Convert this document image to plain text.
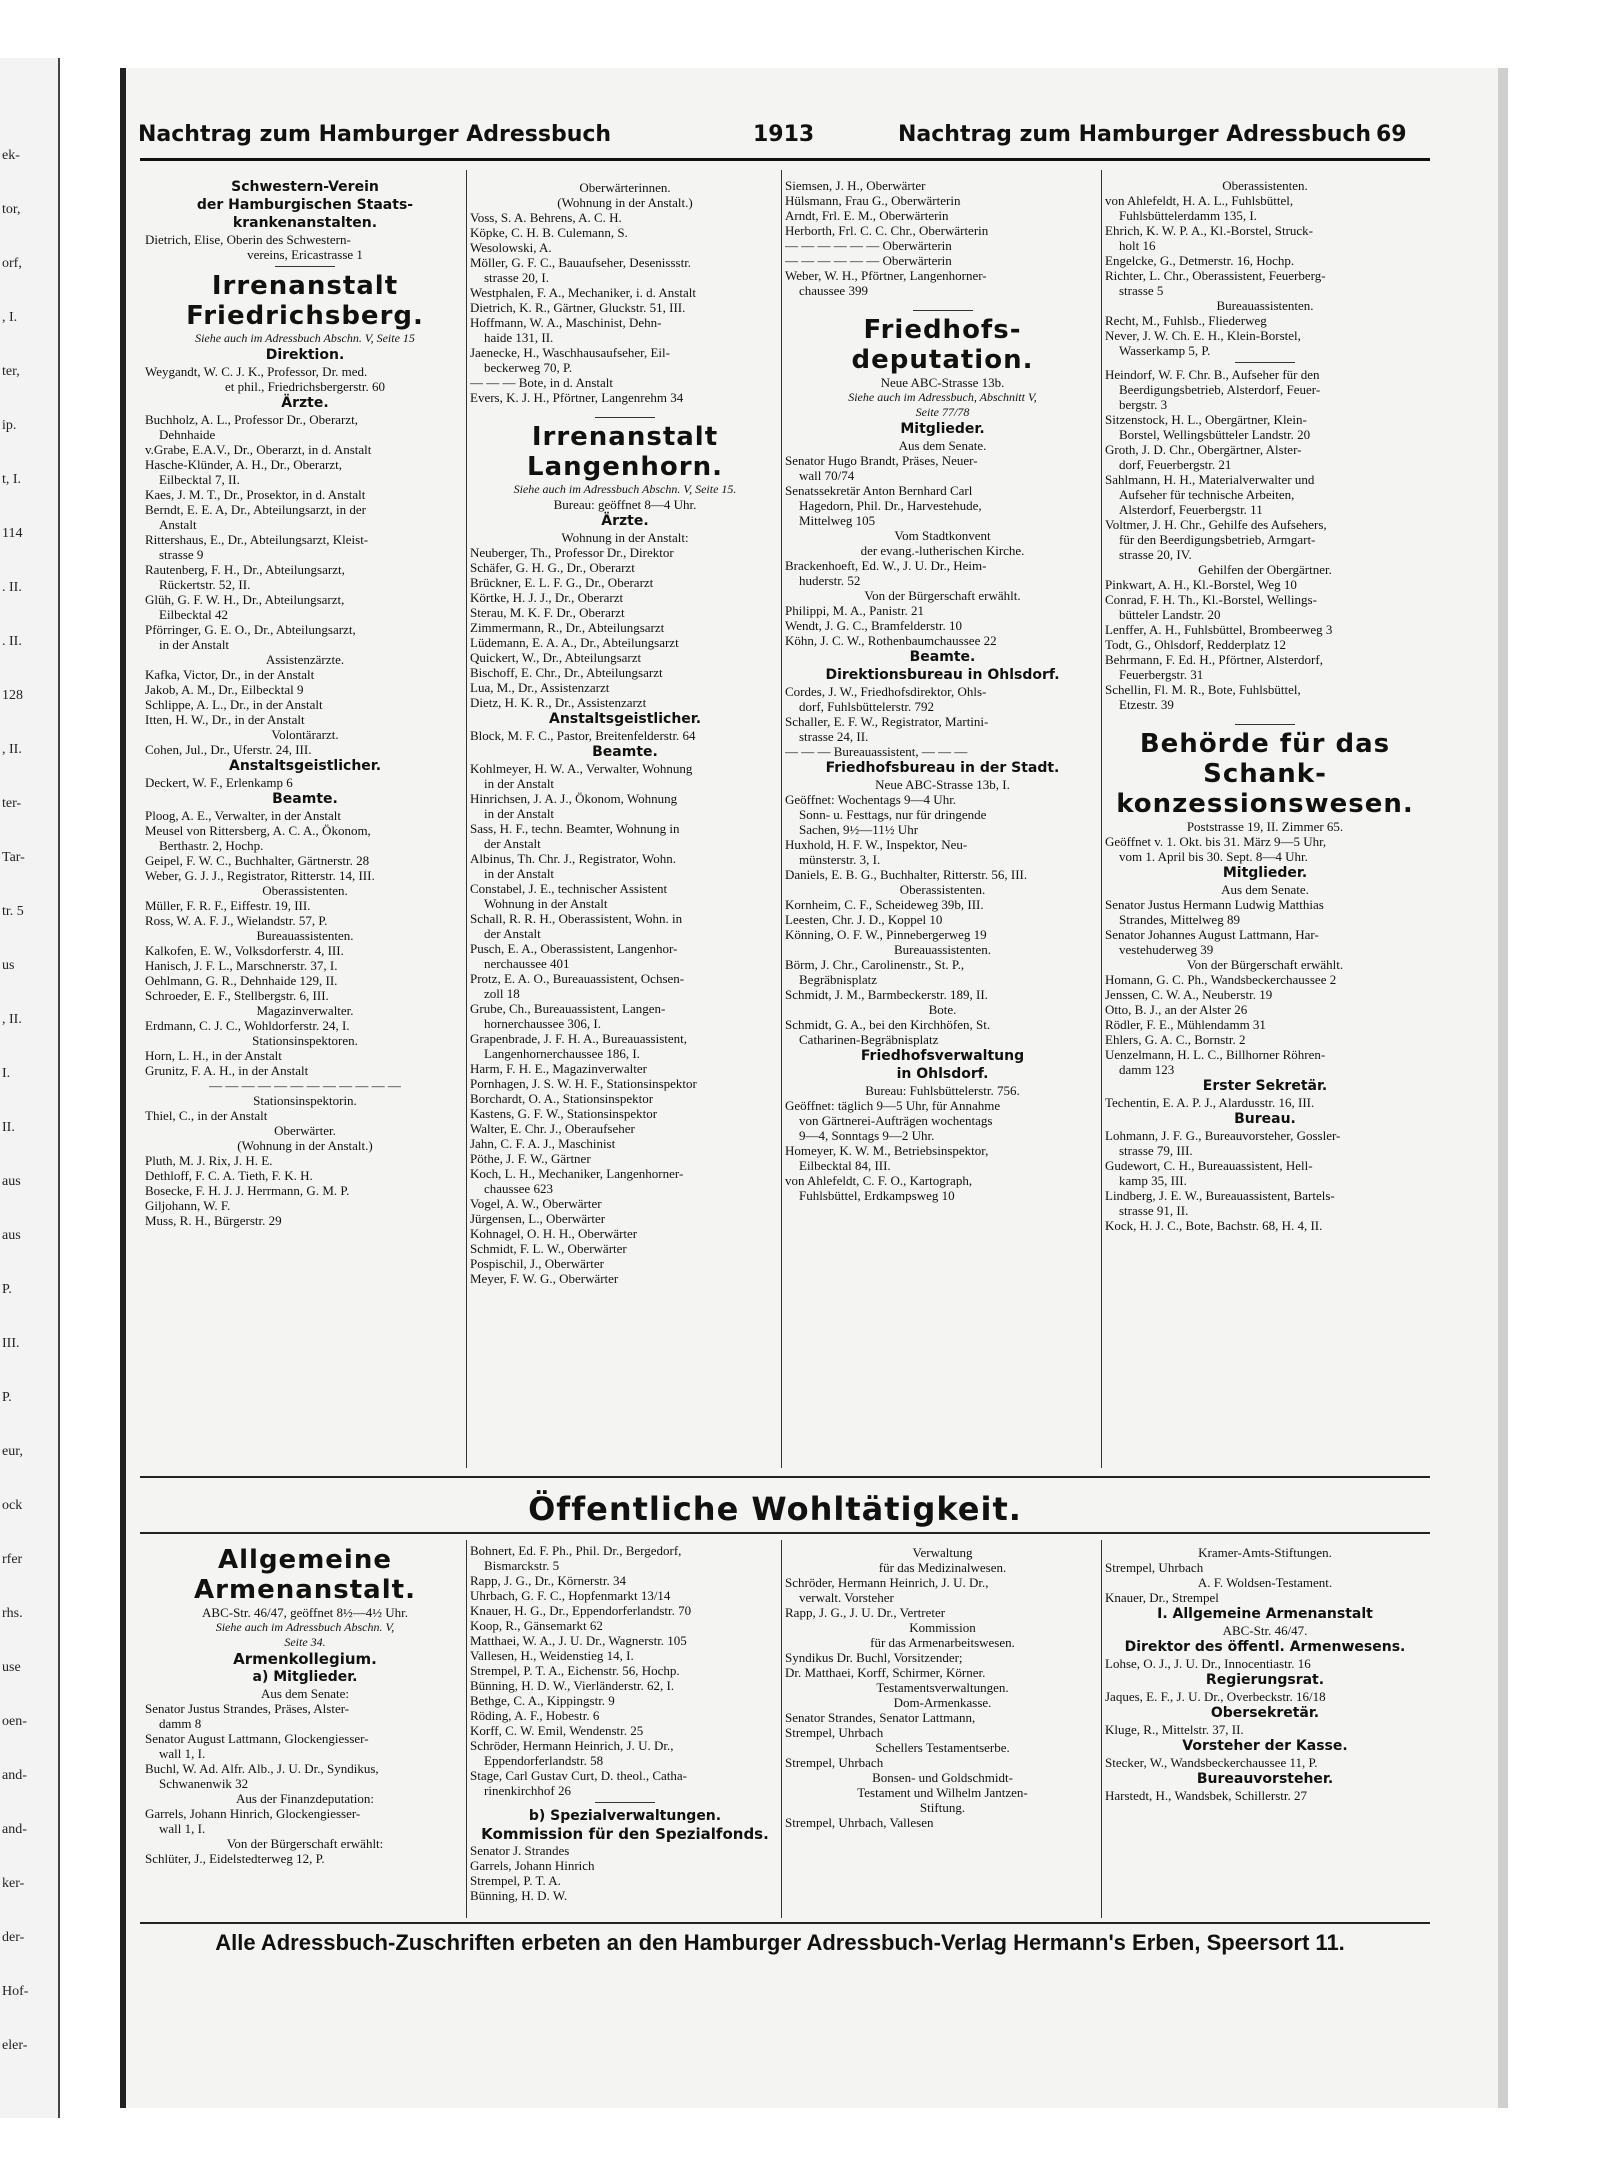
ek-
tor,
orf,
, I.
ter,
ip.
t, I.
114
. II.
. II.
128
, II.
ter-
Tar-
tr. 5
us
, II.
I.
II.
aus
aus
P.
III.
P.
eur,
ock
rfer
rhs.
use
oen-
and-
and-
ker-
der-
Hof-
eler-
Nachtrag zum Hamburger Adressbuch	1913	Nachtrag zum Hamburger Adressbuch 69
Schwestern-Verein
der Hamburgischen Staats-
krankenanstalten.
Dietrich, Elise, Oberin des Schwestern-
vereins, Ericastrasse 1
Irrenanstalt
Friedrichsberg.
Siehe auch im Adressbuch Abschn. V, Seite 15
Direktion.
Weygandt, W. C. J. K., Professor, Dr. med.
et phil., Friedrichsbergerstr. 60
Ärzte.
Buchholz, A. L., Professor Dr., Oberarzt,
Dehnhaide
v.Grabe, E.A.V., Dr., Oberarzt, in d. Anstalt
Hasche-Klünder, A. H., Dr., Oberarzt,
Eilbecktal 7, II.
Kaes, J. M. T., Dr., Prosektor, in d. Anstalt
Berndt, E. E. A, Dr., Abteilungsarzt, in der
Anstalt
Rittershaus, E., Dr., Abteilungsarzt, Kleist-
strasse 9
Rautenberg, F. H., Dr., Abteilungsarzt,
Rückertstr. 52, II.
Glüh, G. F. W. H., Dr., Abteilungsarzt,
Eilbecktal 42
Pförringer, G. E. O., Dr., Abteilungsarzt,
in der Anstalt
Assistenzärzte.
Kafka, Victor, Dr., in der Anstalt
Jakob, A. M., Dr., Eilbecktal 9
Schlippe, A. L., Dr., in der Anstalt
Itten, H. W., Dr., in der Anstalt
Volontärarzt.
Cohen, Jul., Dr., Uferstr. 24, III.
Anstaltsgeistlicher.
Deckert, W. F., Erlenkamp 6
Beamte.
Ploog, A. E., Verwalter, in der Anstalt
Meusel von Rittersberg, A. C. A., Ökonom,
Berthastr. 2, Hochp.
Geipel, F. W. C., Buchhalter, Gärtnerstr. 28
Weber, G. J. J., Registrator, Ritterstr. 14, III.
Oberassistenten.
Müller, F. R. F., Eiffestr. 19, III.
Ross, W. A. F. J., Wielandstr. 57, P.
Bureauassistenten.
Kalkofen, E. W., Volksdorferstr. 4, III.
Hanisch, J. F. L., Marschnerstr. 37, I.
Oehlmann, G. R., Dehnhaide 129, II.
Schroeder, E. F., Stellbergstr. 6, III.
Magazinverwalter.
Erdmann, C. J. C., Wohldorferstr. 24, I.
Stationsinspektoren.
Horn, L. H., in der Anstalt
Grunitz, F. A. H., in der Anstalt
— — — — — — — — — — — —
Stationsinspektorin.
Thiel, C., in der Anstalt
Oberwärter.
(Wohnung in der Anstalt.)
Pluth, M. J. Rix, J. H. E.
Dethloff, F. C. A. Tieth, F. K. H.
Bosecke, F. H. J. J. Herrmann, G. M. P.
Giljohann, W. F.
Muss, R. H., Bürgerstr. 29
Oberwärterinnen.
(Wohnung in der Anstalt.)
Voss, S. A. Behrens, A. C. H.
Köpke, C. H. B. Culemann, S.
Wesolowski, A.
Möller, G. F. C., Bauaufseher, Desenissstr.
strasse 20, I.
Westphalen, F. A., Mechaniker, i. d. Anstalt
Dietrich, K. R., Gärtner, Gluckstr. 51, III.
Hoffmann, W. A., Maschinist, Dehn-
haide 131, II.
Jaenecke, H., Waschhausaufseher, Eil-
beckerweg 70, P.
— — — Bote, in d. Anstalt
Evers, K. J. H., Pförtner, Langenrehm 34
Irrenanstalt
Langenhorn.
Siehe auch im Adressbuch Abschn. V, Seite 15.
Bureau: geöffnet 8—4 Uhr.
Ärzte.
Wohnung in der Anstalt:
Neuberger, Th., Professor Dr., Direktor
Schäfer, G. H. G., Dr., Oberarzt
Brückner, E. L. F. G., Dr., Oberarzt
Körtke, H. J. J., Dr., Oberarzt
Sterau, M. K. F. Dr., Oberarzt
Zimmermann, R., Dr., Abteilungsarzt
Lüdemann, E. A. A., Dr., Abteilungsarzt
Quickert, W., Dr., Abteilungsarzt
Bischoff, E. Chr., Dr., Abteilungsarzt
Lua, M., Dr., Assistenzarzt
Dietz, H. K. R., Dr., Assistenzarzt
Anstaltsgeistlicher.
Block, M. F. C., Pastor, Breitenfelderstr. 64
Beamte.
Kohlmeyer, H. W. A., Verwalter, Wohnung
in der Anstalt
Hinrichsen, J. A. J., Ökonom, Wohnung
in der Anstalt
Sass, H. F., techn. Beamter, Wohnung in
der Anstalt
Albinus, Th. Chr. J., Registrator, Wohn.
in der Anstalt
Constabel, J. E., technischer Assistent
Wohnung in der Anstalt
Schall, R. R. H., Oberassistent, Wohn. in
der Anstalt
Pusch, E. A., Oberassistent, Langenhor-
nerchaussee 401
Protz, E. A. O., Bureauassistent, Ochsen-
zoll 18
Grube, Ch., Bureauassistent, Langen-
hornerchaussee 306, I.
Grapenbrade, J. F. H. A., Bureauassistent,
Langenhornerchaussee 186, I.
Harm, F. H. E., Magazinverwalter
Pornhagen, J. S. W. H. F., Stationsinspektor
Borchardt, O. A., Stationsinspektor
Kastens, G. F. W., Stationsinspektor
Walter, E. Chr. J., Oberaufseher
Jahn, C. F. A. J., Maschinist
Pöthe, J. F. W., Gärtner
Koch, L. H., Mechaniker, Langenhorner-
chaussee 623
Vogel, A. W., Oberwärter
Jürgensen, L., Oberwärter
Kohnagel, O. H. H., Oberwärter
Schmidt, F. L. W., Oberwärter
Pospischil, J., Oberwärter
Meyer, F. W. G., Oberwärter
Siemsen, J. H., Oberwärter
Hülsmann, Frau G., Oberwärterin
Arndt, Frl. E. M., Oberwärterin
Herborth, Frl. C. C. Chr., Oberwärterin
— — — — — — Oberwärterin
— — — — — — Oberwärterin
Weber, W. H., Pförtner, Langenhorner-
chaussee 399
Friedhofs-
deputation.
Neue ABC-Strasse 13b.
Siehe auch im Adressbuch, Abschnitt V,
Seite 77/78
Mitglieder.
Aus dem Senate.
Senator Hugo Brandt, Präses, Neuer-
wall 70/74
Senatssekretär Anton Bernhard Carl
Hagedorn, Phil. Dr., Harvestehude,
Mittelweg 105
Vom Stadtkonvent
der evang.-lutherischen Kirche.
Brackenhoeft, Ed. W., J. U. Dr., Heim-
huderstr. 52
Von der Bürgerschaft erwählt.
Philippi, M. A., Panistr. 21
Wendt, J. G. C., Bramfelderstr. 10
Köhn, J. C. W., Rothenbaumchaussee 22
Beamte.
Direktionsbureau in Ohlsdorf.
Cordes, J. W., Friedhofsdirektor, Ohls-
dorf, Fuhlsbüttelerstr. 792
Schaller, E. F. W., Registrator, Martini-
strasse 24, II.
— — — Bureauassistent, — — —
Friedhofsbureau in der Stadt.
Neue ABC-Strasse 13b, I.
Geöffnet: Wochentags 9—4 Uhr.
Sonn- u. Festtags, nur für dringende
Sachen, 9½—11½ Uhr
Huxhold, H. F. W., Inspektor, Neu-
münsterstr. 3, I.
Daniels, E. B. G., Buchhalter, Ritterstr. 56, III.
Oberassistenten.
Kornheim, C. F., Scheideweg 39b, III.
Leesten, Chr. J. D., Koppel 10
Könning, O. F. W., Pinnebergerweg 19
Bureauassistenten.
Börm, J. Chr., Carolinenstr., St. P.,
Begräbnisplatz
Schmidt, J. M., Barmbeckerstr. 189, II.
Bote.
Schmidt, G. A., bei den Kirchhöfen, St.
Catharinen-Begräbnisplatz
Friedhofsverwaltung
in Ohlsdorf.
Bureau: Fuhlsbüttelerstr. 756.
Geöffnet: täglich 9—5 Uhr, für Annahme
von Gärtnerei-Aufträgen wochentags
9—4, Sonntags 9—2 Uhr.
Homeyer, K. W. M., Betriebsinspektor,
Eilbecktal 84, III.
von Ahlefeldt, C. F. O., Kartograph,
Fuhlsbüttel, Erdkampsweg 10
Oberassistenten.
von Ahlefeldt, H. A. L., Fuhlsbüttel,
Fuhlsbüttelerdamm 135, I.
Ehrich, K. W. P. A., Kl.-Borstel, Struck-
holt 16
Engelcke, G., Detmerstr. 16, Hochp.
Richter, L. Chr., Oberassistent, Feuerberg-
strasse 5
Bureauassistenten.
Recht, M., Fuhlsb., Fliederweg
Never, J. W. Ch. E. H., Klein-Borstel,
Wasserkamp 5, P.
Heindorf, W. F. Chr. B., Aufseher für den
Beerdigungsbetrieb, Alsterdorf, Feuer-
bergstr. 3
Sitzenstock, H. L., Obergärtner, Klein-
Borstel, Wellingsbütteler Landstr. 20
Groth, J. D. Chr., Obergärtner, Alster-
dorf, Feuerbergstr. 21
Sahlmann, H. H., Materialverwalter und
Aufseher für technische Arbeiten,
Alsterdorf, Feuerbergstr. 11
Voltmer, J. H. Chr., Gehilfe des Aufsehers,
für den Beerdigungsbetrieb, Armgart-
strasse 20, IV.
Gehilfen der Obergärtner.
Pinkwart, A. H., Kl.-Borstel, Weg 10
Conrad, F. H. Th., Kl.-Borstel, Wellings-
bütteler Landstr. 20
Lenffer, A. H., Fuhlsbüttel, Brombeerweg 3
Todt, G., Ohlsdorf, Redderplatz 12
Behrmann, F. Ed. H., Pförtner, Alsterdorf,
Feuerbergstr. 31
Schellin, Fl. M. R., Bote, Fuhlsbüttel,
Etzestr. 39
Behörde für das
Schank-
konzessionswesen.
Poststrasse 19, II. Zimmer 65.
Geöffnet v. 1. Okt. bis 31. März 9—5 Uhr,
vom 1. April bis 30. Sept. 8—4 Uhr.
Mitglieder.
Aus dem Senate.
Senator Justus Hermann Ludwig Matthias
Strandes, Mittelweg 89
Senator Johannes August Lattmann, Har-
vestehuderweg 39
Von der Bürgerschaft erwählt.
Homann, G. C. Ph., Wandsbeckerchaussee 2
Jenssen, C. W. A., Neuberstr. 19
Otto, B. J., an der Alster 26
Rödler, F. E., Mühlendamm 31
Ehlers, G. A. C., Bornstr. 2
Uenzelmann, H. L. C., Billhorner Röhren-
damm 123
Erster Sekretär.
Techentin, E. A. P. J., Alardusstr. 16, III.
Bureau.
Lohmann, J. F. G., Bureauvorsteher, Gossler-
strasse 79, III.
Gudewort, C. H., Bureauassistent, Hell-
kamp 35, III.
Lindberg, J. E. W., Bureauassistent, Bartels-
strasse 91, II.
Kock, H. J. C., Bote, Bachstr. 68, H. 4, II.
Öffentliche Wohltätigkeit.
Allgemeine
Armenanstalt.
ABC-Str. 46/47, geöffnet 8½—4½ Uhr.
Siehe auch im Adressbuch Abschn. V,
Seite 34.
Armenkollegium.
a) Mitglieder.
Aus dem Senate:
Senator Justus Strandes, Präses, Alster-
damm 8
Senator August Lattmann, Glockengiesser-
wall 1, I.
Buchl, W. Ad. Alfr. Alb., J. U. Dr., Syndikus,
Schwanenwik 32
Aus der Finanzdeputation:
Garrels, Johann Hinrich, Glockengiesser-
wall 1, I.
Von der Bürgerschaft erwählt:
Schlüter, J., Eidelstedterweg 12, P.
Bohnert, Ed. F. Ph., Phil. Dr., Bergedorf,
Bismarckstr. 5
Rapp, J. G., Dr., Körnerstr. 34
Uhrbach, G. F. C., Hopfenmarkt 13/14
Knauer, H. G., Dr., Eppendorferlandstr. 70
Koop, R., Gänsemarkt 62
Matthaei, W. A., J. U. Dr., Wagnerstr. 105
Vallesen, H., Weidenstieg 14, I.
Strempel, P. T. A., Eichenstr. 56, Hochp.
Bünning, H. D. W., Vierländerstr. 62, I.
Bethge, C. A., Kippingstr. 9
Röding, A. F., Hobestr. 6
Korff, C. W. Emil, Wendenstr. 25
Schröder, Hermann Heinrich, J. U. Dr.,
Eppendorferlandstr. 58
Stage, Carl Gustav Curt, D. theol., Catha-
rinenkirchhof 26
b) Spezialverwaltungen.
Kommission für den Spezialfonds.
Senator J. Strandes
Garrels, Johann Hinrich
Strempel, P. T. A.
Bünning, H. D. W.
Verwaltung
für das Medizinalwesen.
Schröder, Hermann Heinrich, J. U. Dr.,
verwalt. Vorsteher
Rapp, J. G., J. U. Dr., Vertreter
Kommission
für das Armenarbeitswesen.
Syndikus Dr. Buchl, Vorsitzender;
Dr. Matthaei, Korff, Schirmer, Körner.
Testamentsverwaltungen.
Dom-Armenkasse.
Senator Strandes, Senator Lattmann,
Strempel, Uhrbach
Schellers Testamentserbe.
Strempel, Uhrbach
Bonsen- und Goldschmidt-
Testament und Wilhelm Jantzen-
Stiftung.
Strempel, Uhrbach, Vallesen
Kramer-Amts-Stiftungen.
Strempel, Uhrbach
A. F. Woldsen-Testament.
Knauer, Dr., Strempel
I. Allgemeine Armenanstalt
ABC-Str. 46/47.
Direktor des öffentl. Armenwesens.
Lohse, O. J., J. U. Dr., Innocentiastr. 16
Regierungsrat.
Jaques, E. F., J. U. Dr., Overbeckstr. 16/18
Obersekretär.
Kluge, R., Mittelstr. 37, II.
Vorsteher der Kasse.
Stecker, W., Wandsbeckerchaussee 11, P.
Bureauvorsteher.
Harstedt, H., Wandsbek, Schillerstr. 27
Alle Adressbuch-Zuschriften erbeten an den Hamburger Adressbuch-Verlag Hermann's Erben, Speersort 11.
